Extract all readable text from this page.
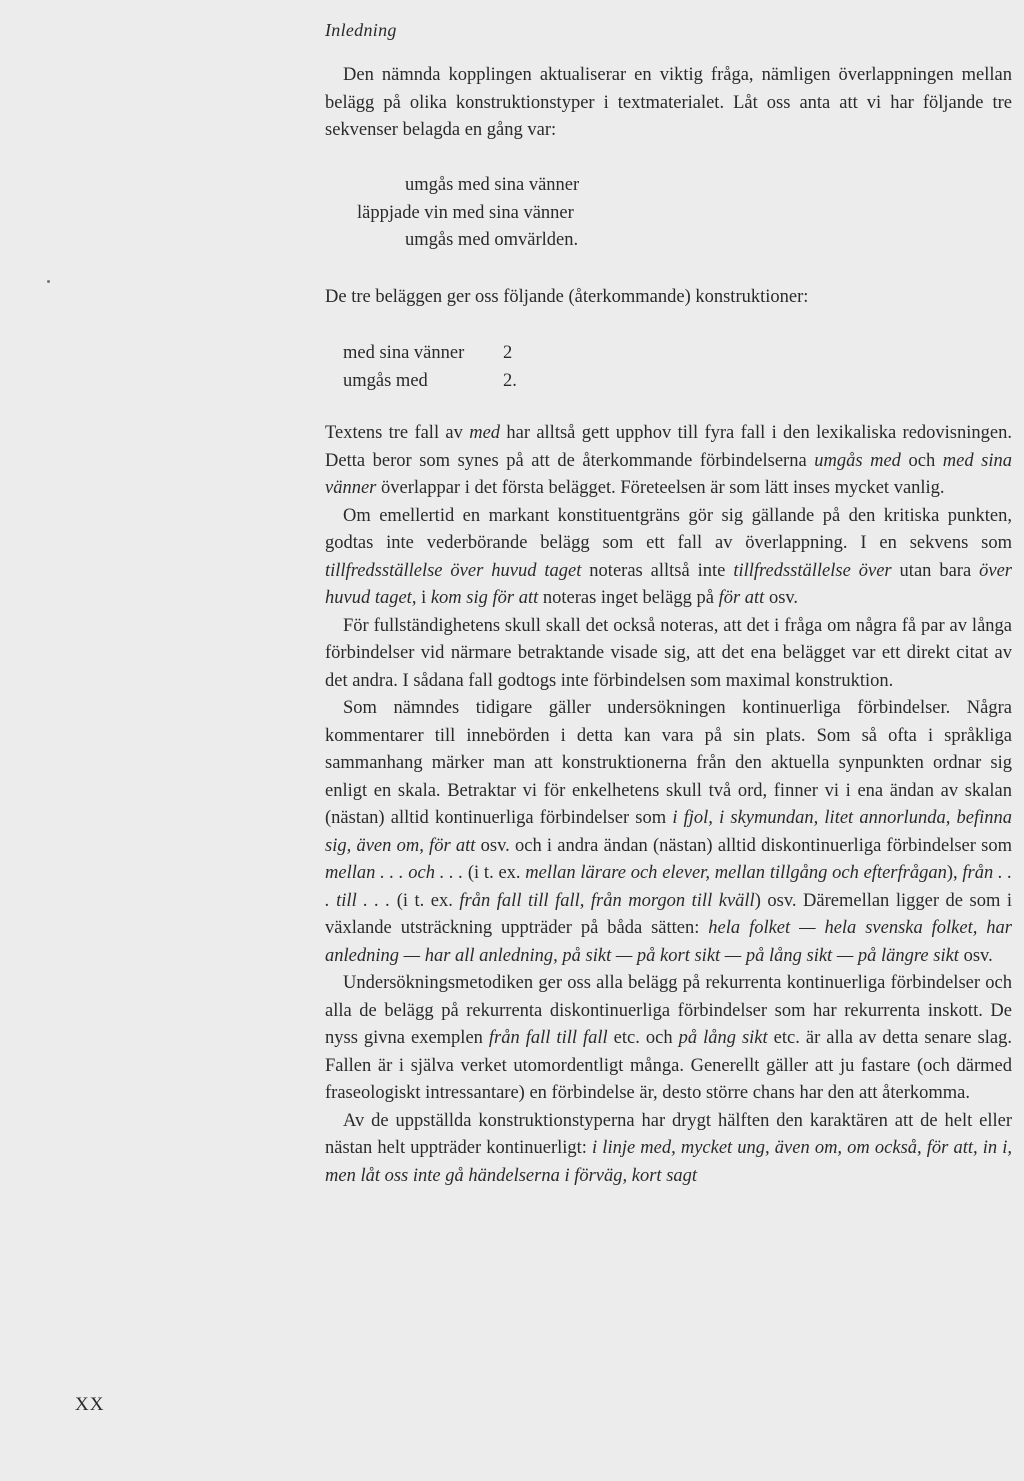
Inledning

Den nämnda kopplingen aktualiserar en viktig fråga, nämligen överlappningen mellan belägg på olika konstruktionstyper i textmaterialet. Låt oss anta att vi har följande tre sekvenser belagda en gång var:

umgås med sina vänner
läppjade vin med sina vänner
umgås med omvärlden.
De tre beläggen ger oss följande (återkommande) konstruktioner:
med sina vänner	2
umgås med	2.

Textens tre fall av med har alltså gett upphov till fyra fall i den lexikaliska redovisningen. Detta beror som synes på att de återkommande förbindelserna umgås med och med sina vänner överlappar i det första belägget. Företeelsen är som lätt inses mycket vanlig.

Om emellertid en markant konstituentgräns gör sig gällande på den kritiska punkten, godtas inte vederbörande belägg som ett fall av överlappning. I en sekvens som tillfredsställelse över huvud taget noteras alltså inte tillfredsställelse över utan bara över huvud taget, i kom sig för att noteras inget belägg på för att osv.

För fullständighetens skull skall det också noteras, att det i fråga om några få par av långa förbindelser vid närmare betraktande visade sig, att det ena belägget var ett direkt citat av det andra. I sådana fall godtogs inte förbindelsen som maximal konstruktion.

Som nämndes tidigare gäller undersökningen kontinuerliga förbindelser. Några kommentarer till innebörden i detta kan vara på sin plats. Som så ofta i språkliga sammanhang märker man att konstruktionerna från den aktuella synpunkten ordnar sig enligt en skala. Betraktar vi för enkelhetens skull två ord, finner vi i ena ändan av skalan (nästan) alltid kontinuerliga förbindelser som i fjol, i skymundan, litet annorlunda, befinna sig, även om, för att osv. och i andra ändan (nästan) alltid diskontinuerliga förbindelser som mellan . . . och . . . (i t. ex. mellan lärare och elever, mellan tillgång och efterfrågan), från . . . till . . . (i t. ex. från fall till fall, från morgon till kväll) osv. Däremellan ligger de som i växlande utsträckning uppträder på båda sätten: hela folket — hela svenska folket, har anledning — har all anledning, på sikt — på kort sikt — på lång sikt — på längre sikt osv.

Undersökningsmetodiken ger oss alla belägg på rekurrenta kontinuerliga förbindelser och alla de belägg på rekurrenta diskontinuerliga förbindelser som har rekurrenta inskott. De nyss givna exemplen från fall till fall etc. och på lång sikt etc. är alla av detta senare slag. Fallen är i själva verket utomordentligt många. Generellt gäller att ju fastare (och därmed fraseologiskt intressantare) en förbindelse är, desto större chans har den att återkomma.

Av de uppställda konstruktionstyperna har drygt hälften den karaktären att de helt eller nästan helt uppträder kontinuerligt: i linje med, mycket ung, även om, om också, för att, in i, men låt oss inte gå händelserna i förväg, kort sagt

XX
